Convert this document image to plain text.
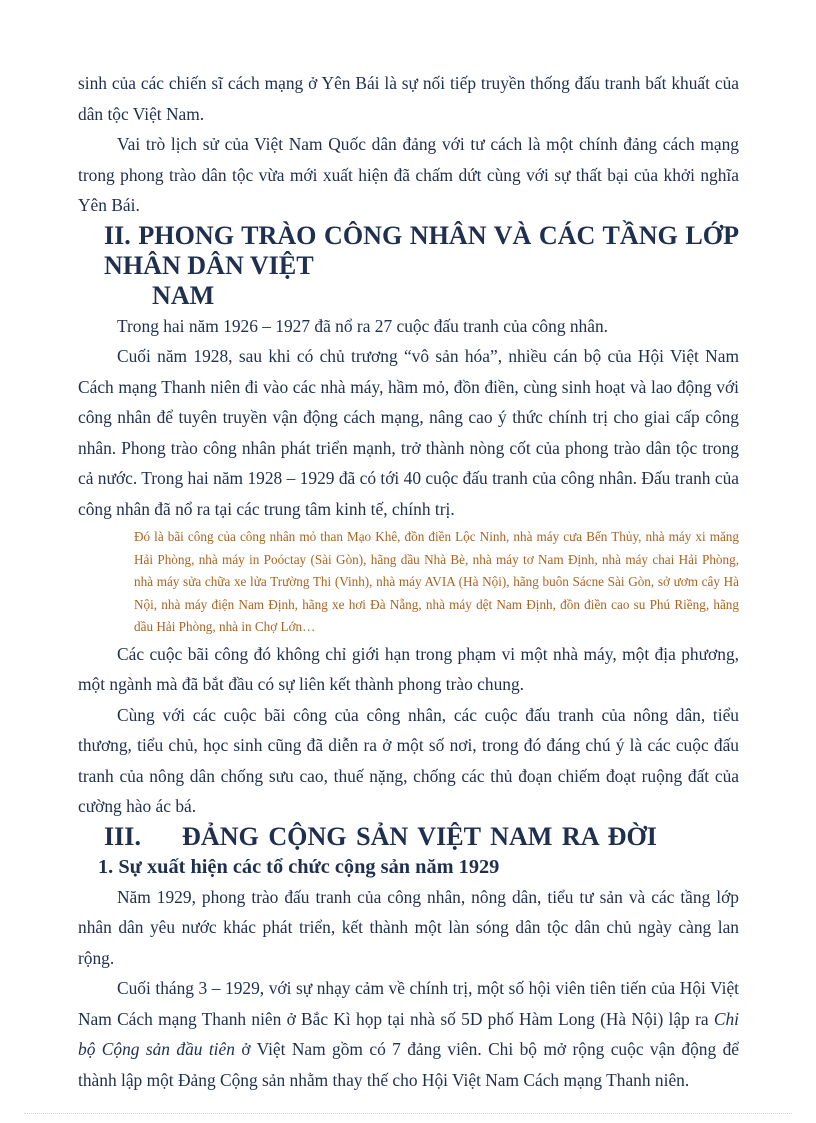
sinh của các chiến sĩ cách mạng ở Yên Bái là sự nối tiếp truyền thống đấu tranh bất khuất của dân tộc Việt Nam.

Vai trò lịch sử của Việt Nam Quốc dân đảng với tư cách là một chính đảng cách mạng trong phong trào dân tộc vừa mới xuất hiện đã chấm dứt cùng với sự thất bại của khởi nghĩa Yên Bái.

II. PHONG TRÀO CÔNG NHÂN VÀ CÁC TẦNG LỚP NHÂN DÂN VIỆT
NAM

Trong hai năm 1926 – 1927 đã nổ ra 27 cuộc đấu tranh của công nhân.

Cuối năm 1928, sau khi có chủ trương “vô sản hóa”, nhiều cán bộ của Hội Việt Nam Cách mạng Thanh niên đi vào các nhà máy, hầm mỏ, đồn điền, cùng sinh hoạt và lao động với công nhân để tuyên truyền vận động cách mạng, nâng cao ý thức chính trị cho giai cấp công nhân. Phong trào công nhân phát triển mạnh, trở thành nòng cốt của phong trào dân tộc trong cả nước. Trong hai năm 1928 – 1929 đã có tới 40 cuộc đấu tranh của công nhân. Đấu tranh của công nhân đã nổ ra tại các trung tâm kinh tế, chính trị.

Đó là bãi công của công nhân mỏ than Mạo Khê, đồn điền Lộc Ninh, nhà máy cưa Bến Thủy, nhà máy xi măng Hải Phòng, nhà máy in Poóctay (Sài Gòn), hãng dầu Nhà Bè, nhà máy tơ Nam Định, nhà máy chai Hải Phòng, nhà máy sửa chữa xe lửa Trường Thi (Vinh), nhà máy AVIA (Hà Nội), hãng buôn Sácne Sài Gòn, sở ươm cây Hà Nội, nhà máy điện Nam Định, hãng xe hơi Đà Nẵng, nhà máy dệt Nam Định, đồn điền cao su Phú Riềng, hãng dầu Hải Phòng, nhà in Chợ Lớn…

Các cuộc bãi công đó không chỉ giới hạn trong phạm vi một nhà máy, một địa phương, một ngành mà đã bắt đầu có sự liên kết thành phong trào chung.

Cùng với các cuộc bãi công của công nhân, các cuộc đấu tranh của nông dân, tiểu thương, tiểu chủ, học sinh cũng đã diễn ra ở một số nơi, trong đó đáng chú ý là các cuộc đấu tranh của nông dân chống sưu cao, thuế nặng, chống các thủ đoạn chiếm đoạt ruộng đất của cường hào ác bá.

III. ĐẢNG CỘNG SẢN VIỆT NAM RA ĐỜI
1. Sự xuất hiện các tổ chức cộng sản năm 1929

Năm 1929, phong trào đấu tranh của công nhân, nông dân, tiểu tư sản và các tầng lớp nhân dân yêu nước khác phát triển, kết thành một làn sóng dân tộc dân chủ ngày càng lan rộng.

Cuối tháng 3 – 1929, với sự nhạy cảm về chính trị, một số hội viên tiên tiến của Hội Việt Nam Cách mạng Thanh niên ở Bắc Kì họp tại nhà số 5D phố Hàm Long (Hà Nội) lập ra Chi bộ Cộng sản đầu tiên ở Việt Nam gồm có 7 đảng viên. Chi bộ mở rộng cuộc vận động để thành lập một Đảng Cộng sản nhằm thay thế cho Hội Việt Nam Cách mạng Thanh niên.
